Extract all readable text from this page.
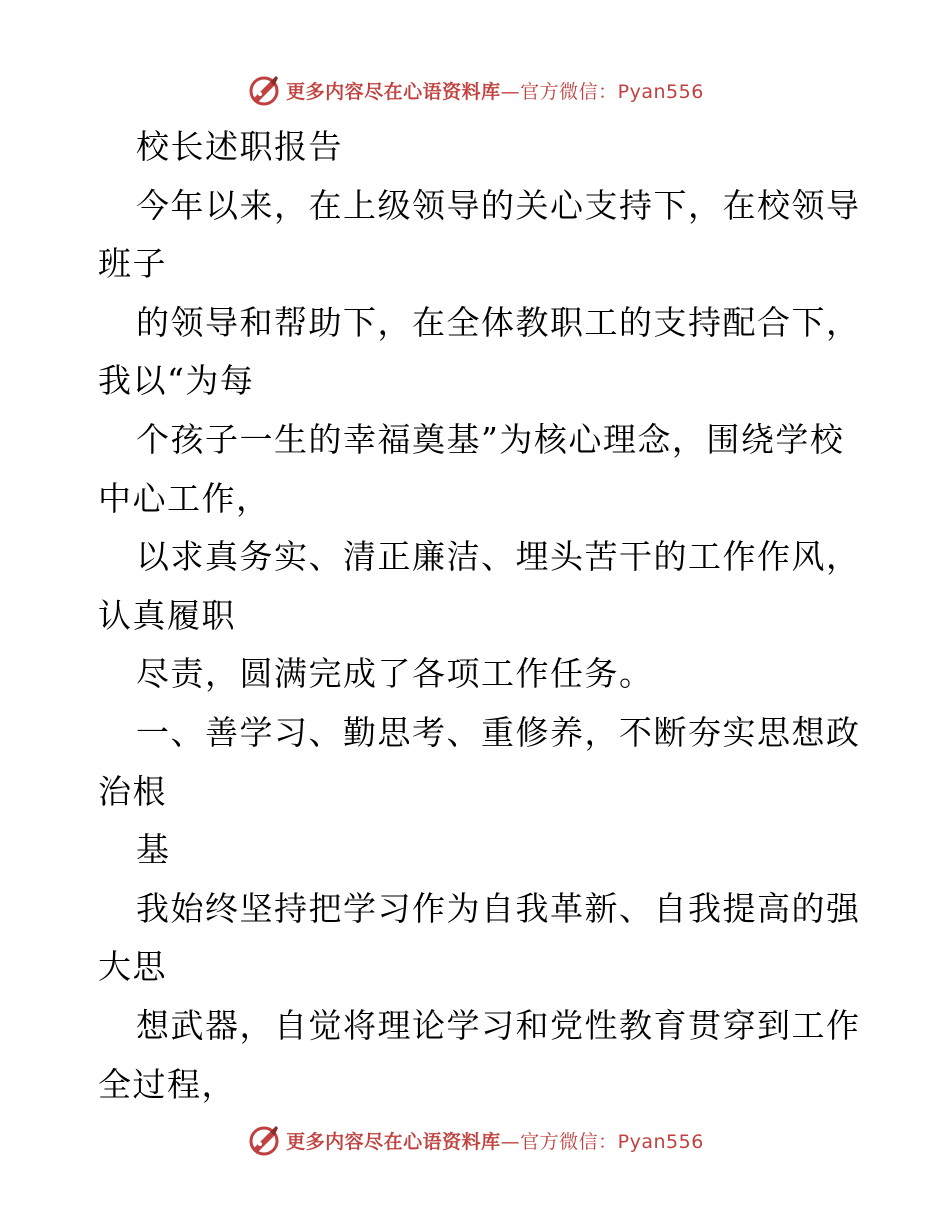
更多内容尽在心语资料库—官方微信：Pyan556
校长述职报告
今年以来，在上级领导的关心支持下，在校领导
班子
的领导和帮助下，在全体教职工的支持配合下，
我以“为每
个孩子一生的幸福奠基”为核心理念，围绕学校
中心工作，
以求真务实、清正廉洁、埋头苦干的工作作风，
认真履职
尽责，圆满完成了各项工作任务。
一、善学习、勤思考、重修养，不断夯实思想政
治根
基
我始终坚持把学习作为自我革新、自我提高的强
大思
想武器，自觉将理论学习和党性教育贯穿到工作
全过程，
更多内容尽在心语资料库—官方微信：Pyan556
